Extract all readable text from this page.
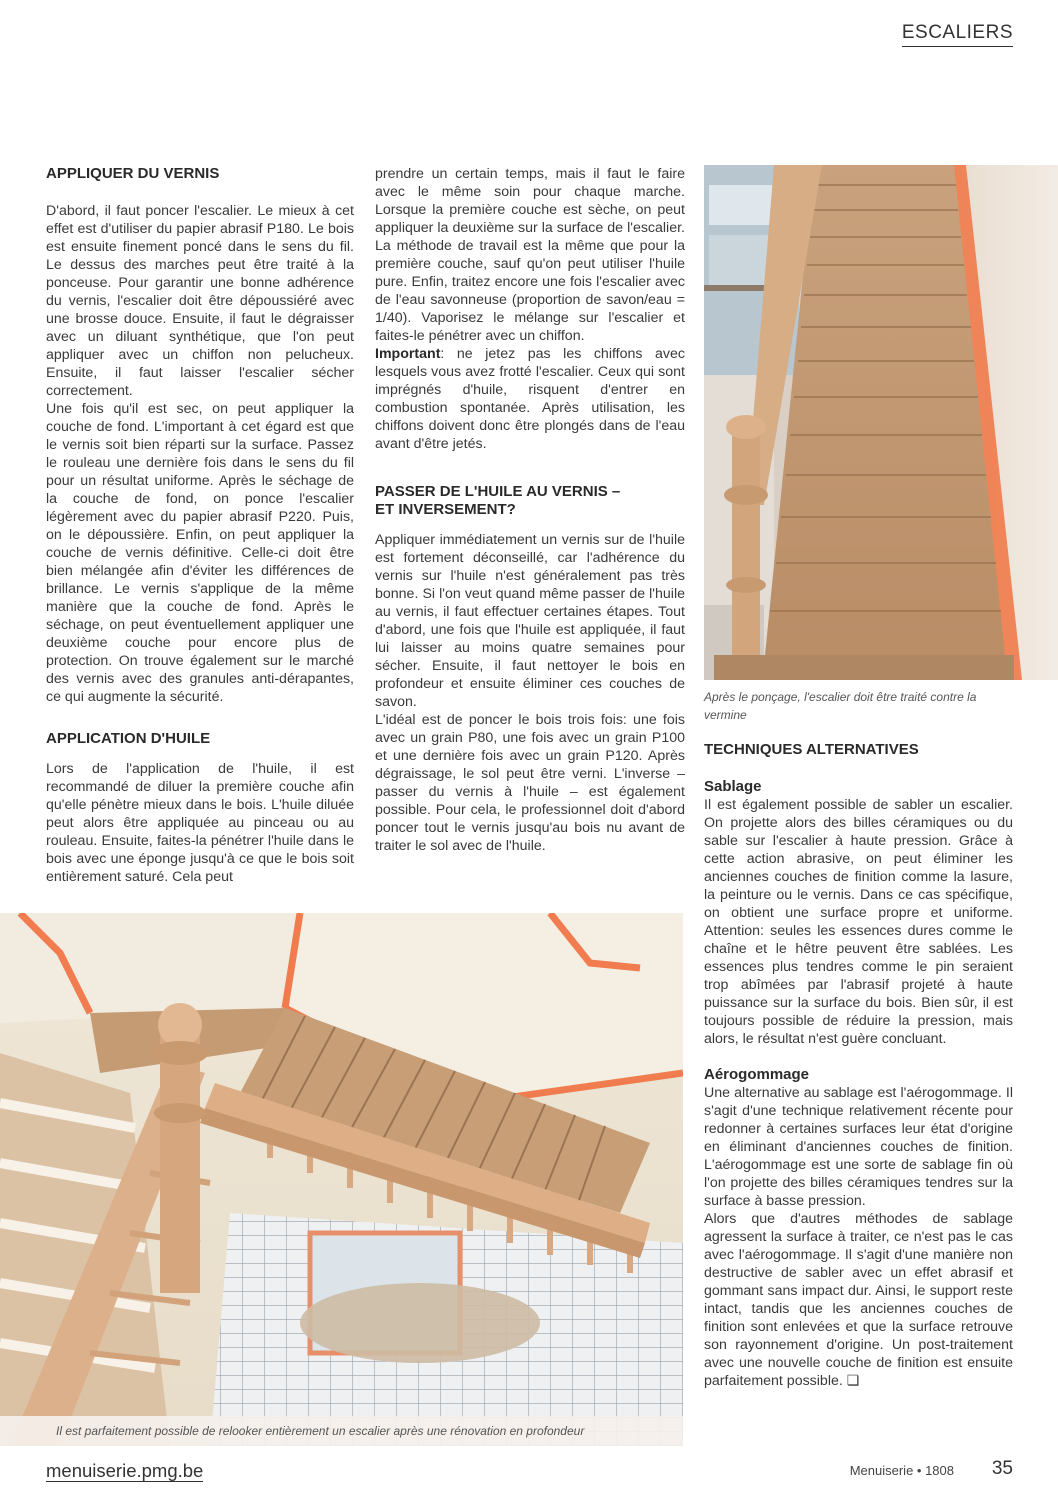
ESCALIERS
APPLIQUER DU VERNIS

D'abord, il faut poncer l'escalier. Le mieux à cet effet est d'utiliser du papier abrasif P180. Le bois est ensuite finement poncé dans le sens du fil. Le dessus des marches peut être traité à la ponceuse. Pour garantir une bonne adhérence du vernis, l'escalier doit être dépoussiéré avec une brosse douce. Ensuite, il faut le dégraisser avec un diluant synthétique, que l'on peut appliquer avec un chiffon non pelucheux. Ensuite, il faut laisser l'escalier sécher correctement.

Une fois qu'il est sec, on peut appliquer la couche de fond. L'important à cet égard est que le vernis soit bien réparti sur la surface. Passez le rouleau une dernière fois dans le sens du fil pour un résultat uniforme. Après le séchage de la couche de fond, on ponce l'escalier légèrement avec du papier abrasif P220. Puis, on le dépoussière. Enfin, on peut appliquer la couche de vernis définitive. Celle-ci doit être bien mélangée afin d'éviter les différences de brillance. Le vernis s'applique de la même manière que la couche de fond. Après le séchage, on peut éventuellement appliquer une deuxième couche pour encore plus de protection. On trouve également sur le marché des vernis avec des granules anti-dérapantes, ce qui augmente la sécurité.

APPLICATION D'HUILE

Lors de l'application de l'huile, il est recommandé de diluer la première couche afin qu'elle pénètre mieux dans le bois. L'huile diluée peut alors être appliquée au pinceau ou au rouleau. Ensuite, faites-la pénétrer l'huile dans le bois avec une éponge jusqu'à ce que le bois soit entièrement saturé. Cela peut

prendre un certain temps, mais il faut le faire avec le même soin pour chaque marche. Lorsque la première couche est sèche, on peut appliquer la deuxième sur la surface de l'escalier. La méthode de travail est la même que pour la première couche, sauf qu'on peut utiliser l'huile pure. Enfin, traitez encore une fois l'escalier avec de l'eau savonneuse (proportion de savon/eau = 1/40). Vaporisez le mélange sur l'escalier et faites-le pénétrer avec un chiffon.

Important: ne jetez pas les chiffons avec lesquels vous avez frotté l'escalier. Ceux qui sont imprégnés d'huile, risquent d'entrer en combustion spontanée. Après utilisation, les chiffons doivent donc être plongés dans de l'eau avant d'être jetés.

PASSER DE L'HUILE AU VERNIS –
ET INVERSEMENT?

Appliquer immédiatement un vernis sur de l'huile est fortement déconseillé, car l'adhérence du vernis sur l'huile n'est généralement pas très bonne. Si l'on veut quand même passer de l'huile au vernis, il faut effectuer certaines étapes. Tout d'abord, une fois que l'huile est appliquée, il faut lui laisser au moins quatre semaines pour sécher. Ensuite, il faut nettoyer le bois en profondeur et ensuite éliminer ces couches de savon.

L'idéal est de poncer le bois trois fois: une fois avec un grain P80, une fois avec un grain P100 et une dernière fois avec un grain P120. Après dégraissage, le sol peut être verni. L'inverse – passer du vernis à l'huile – est également possible. Pour cela, le professionnel doit d'abord poncer tout le vernis jusqu'au bois nu avant de traiter le sol avec de l'huile.

Après le ponçage, l'escalier doit être traité contre la vermine
TECHNIQUES ALTERNATIVES
Sablage

Il est également possible de sabler un escalier. On projette alors des billes céramiques ou du sable sur l'escalier à haute pression. Grâce à cette action abrasive, on peut éliminer les anciennes couches de finition comme la lasure, la peinture ou le vernis. Dans ce cas spécifique, on obtient une surface propre et uniforme. Attention: seules les essences dures comme le chaîne et le hêtre peuvent être sablées. Les essences plus tendres comme le pin seraient trop abîmées par l'abrasif projeté à haute puissance sur la surface du bois. Bien sûr, il est toujours possible de réduire la pression, mais alors, le résultat n'est guère concluant.

Aérogommage

Une alternative au sablage est l'aérogommage. Il s'agit d'une technique relativement récente pour redonner à certaines surfaces leur état d'origine en éliminant d'anciennes couches de finition. L'aérogommage est une sorte de sablage fin où l'on projette des billes céramiques tendres sur la surface à basse pression.

Alors que d'autres méthodes de sablage agressent la surface à traiter, ce n'est pas le cas avec l'aérogommage. Il s'agit d'une manière non destructive de sabler avec un effet abrasif et gommant sans impact dur. Ainsi, le support reste intact, tandis que les anciennes couches de finition sont enlevées et que la surface retrouve son rayonnement d'origine. Un post-traitement avec une nouvelle couche de finition est ensuite parfaitement possible. ❏

Il est parfaitement possible de relooker entièrement un escalier après une rénovation en profondeur
menuiserie.pmg.be	Menuiserie • 1808 35
